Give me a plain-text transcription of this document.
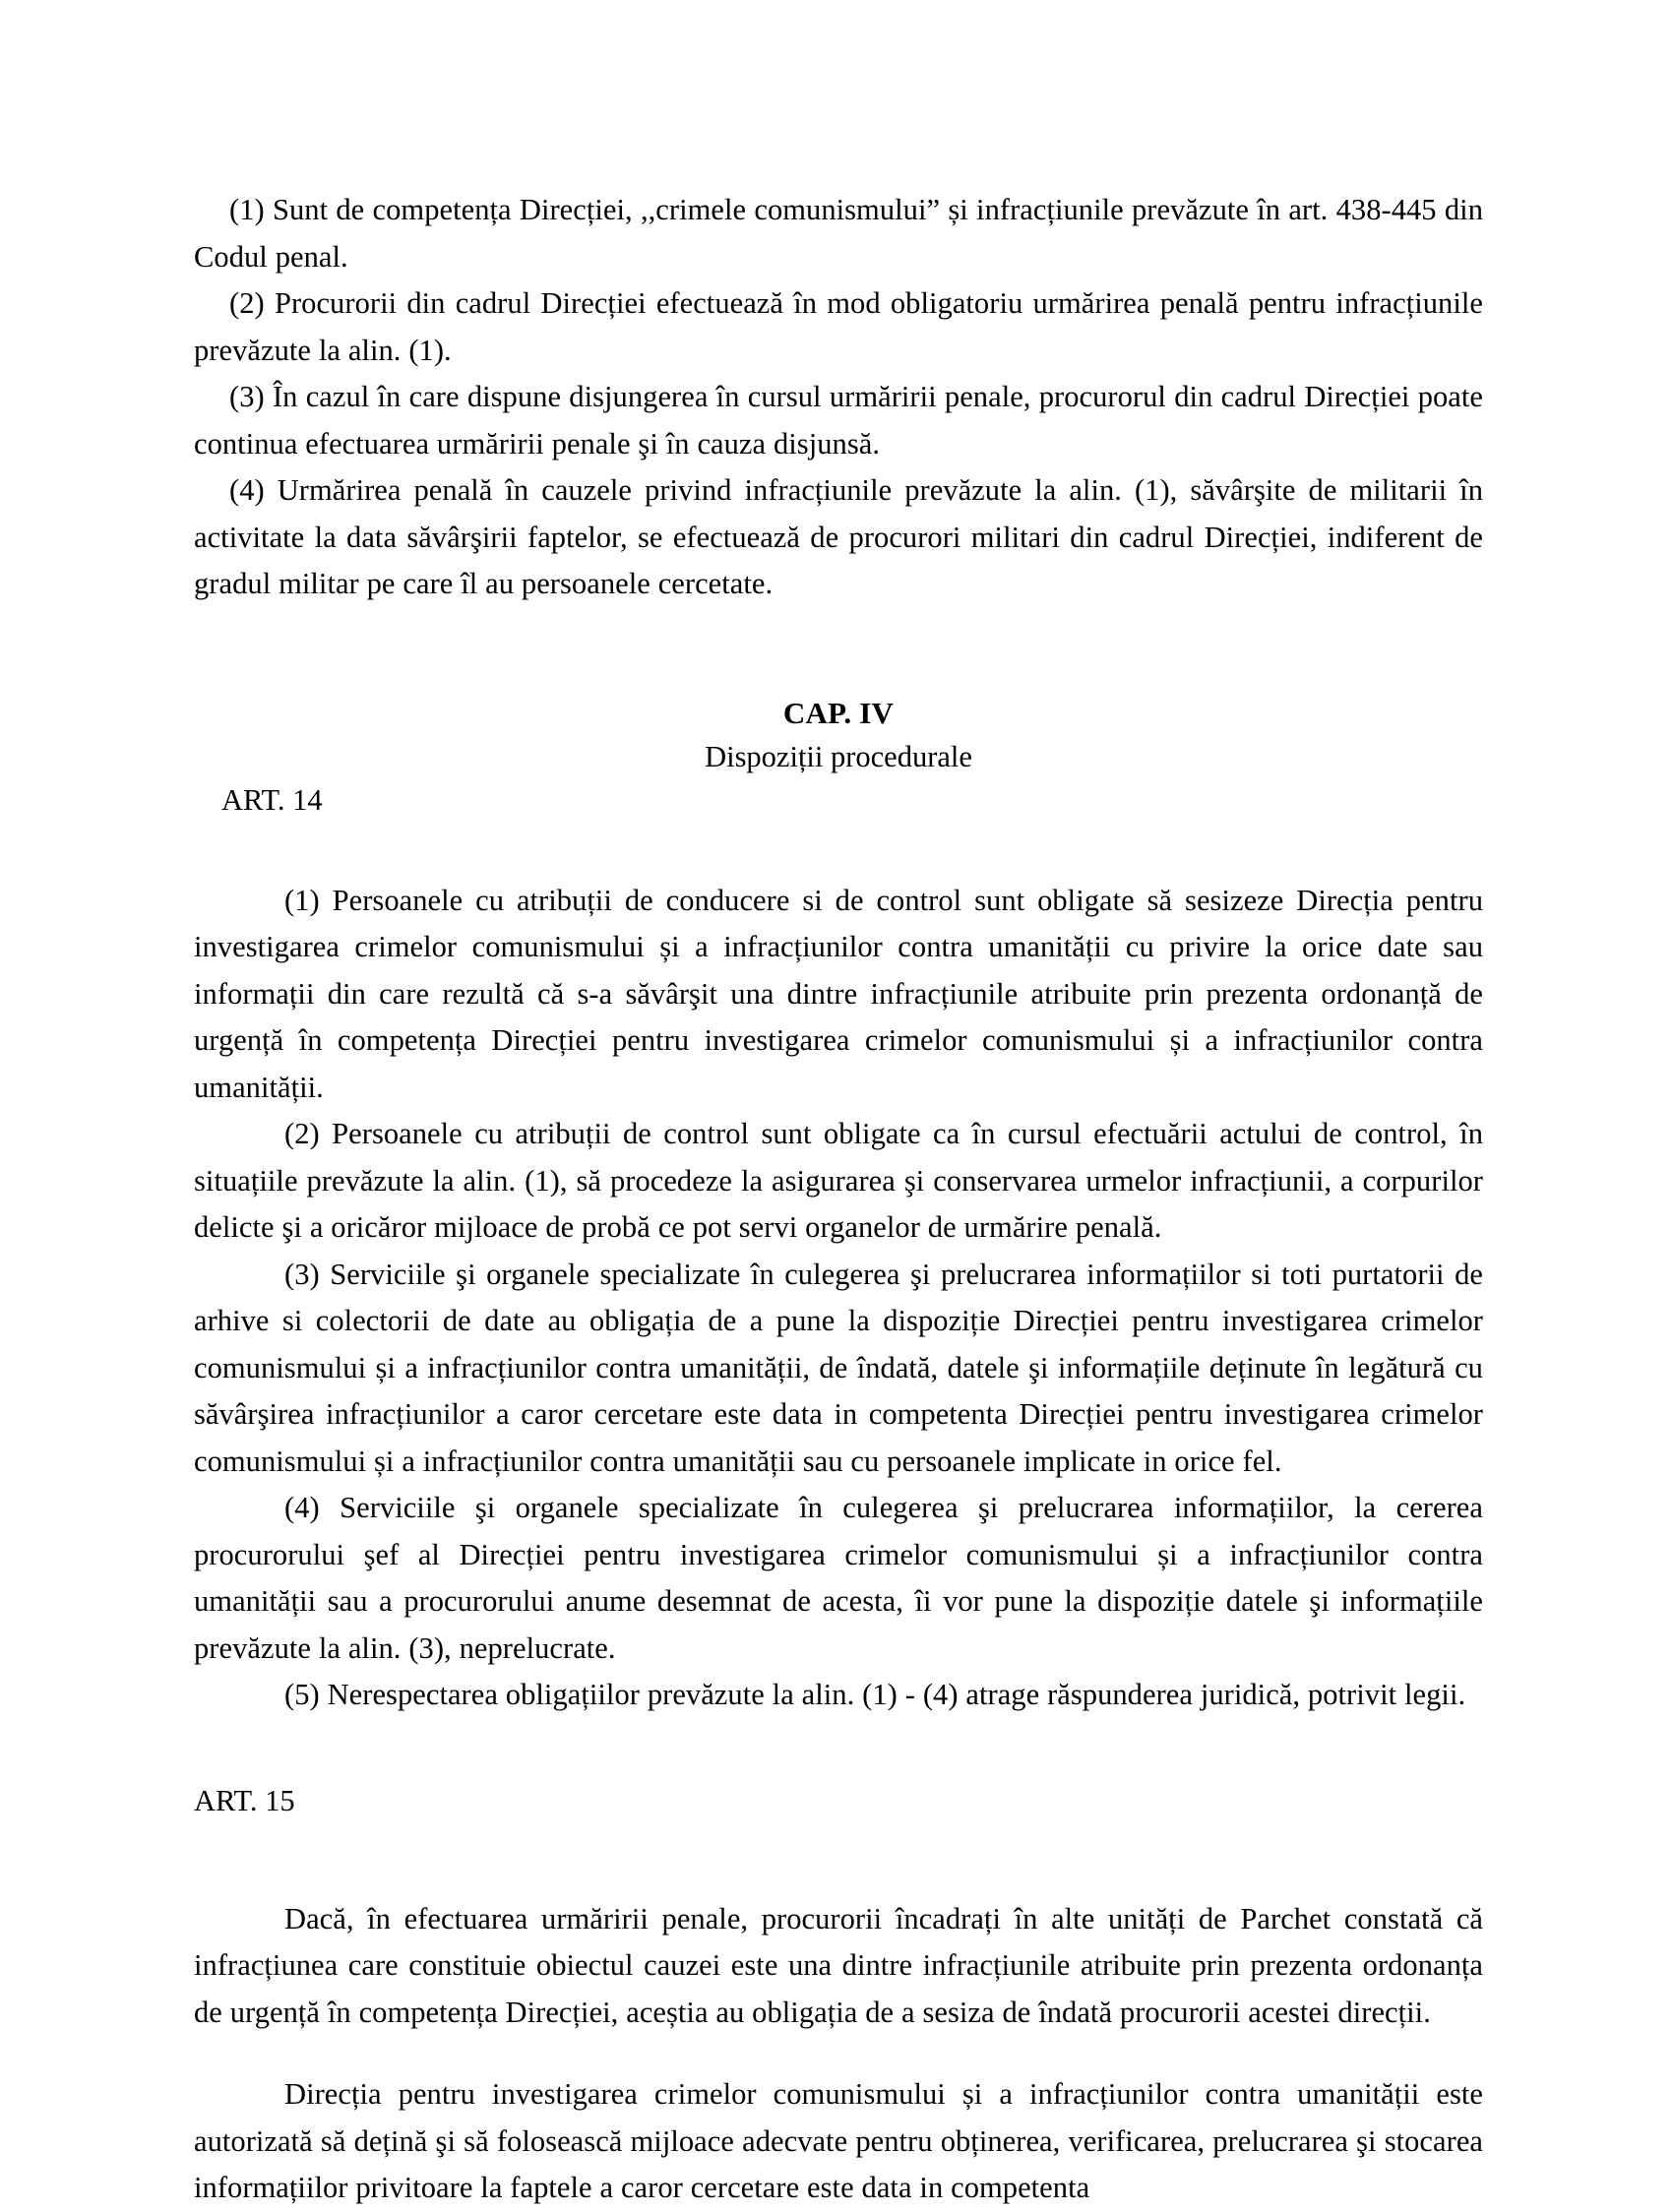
(1) Sunt de competența Direcției, ,,crimele comunismului” și infracțiunile prevăzute în art. 438-445 din Codul penal.

(2) Procurorii din cadrul Direcției efectuează în mod obligatoriu urmărirea penală pentru infracțiunile prevăzute la alin. (1).

(3) În cazul în care dispune disjungerea în cursul urmăririi penale, procurorul din cadrul Direcției poate continua efectuarea urmăririi penale şi în cauza disjunsă.

(4) Urmărirea penală în cauzele privind infracțiunile prevăzute la alin. (1), săvârşite de militarii în activitate la data săvârşirii faptelor, se efectuează de procurori militari din cadrul Direcției, indiferent de gradul militar pe care îl au persoanele cercetate.

CAP. IV
Dispoziții procedurale
ART. 14

(1) Persoanele cu atribuții de conducere si de control sunt obligate să sesizeze Direcția pentru investigarea crimelor comunismului și a infracțiunilor contra umanității cu privire la orice date sau informații din care rezultă că s-a săvârşit una dintre infracțiunile atribuite prin prezenta ordonanță de urgență în competența Direcției pentru investigarea crimelor comunismului și a infracțiunilor contra umanității.

(2) Persoanele cu atribuții de control sunt obligate ca în cursul efectuării actului de control, în situațiile prevăzute la alin. (1), să procedeze la asigurarea şi conservarea urmelor infracțiunii, a corpurilor delicte şi a oricăror mijloace de probă ce pot servi organelor de urmărire penală.

(3) Serviciile şi organele specializate în culegerea şi prelucrarea informațiilor si toti purtatorii de arhive si colectorii de date au obligația de a pune la dispoziție Direcției pentru investigarea crimelor comunismului și a infracțiunilor contra umanității, de îndată, datele şi informațiile deținute în legătură cu săvârşirea infracțiunilor a caror cercetare este data in competenta Direcției pentru investigarea crimelor comunismului și a infracțiunilor contra umanității sau cu persoanele implicate in orice fel.

(4) Serviciile şi organele specializate în culegerea şi prelucrarea informațiilor, la cererea procurorului şef al Direcției pentru investigarea crimelor comunismului și a infracțiunilor contra umanității sau a procurorului anume desemnat de acesta, îi vor pune la dispoziție datele şi informațiile prevăzute la alin. (3), neprelucrate.

(5) Nerespectarea obligațiilor prevăzute la alin. (1) - (4) atrage răspunderea juridică, potrivit legii.

ART. 15

Dacă, în efectuarea urmăririi penale, procurorii încadrați în alte unități de Parchet constată că infracțiunea care constituie obiectul cauzei este una dintre infracțiunile atribuite prin prezenta ordonanța de urgență în competența Direcției, aceștia au obligația de a sesiza de îndată procurorii acestei direcții.

Direcția pentru investigarea crimelor comunismului și a infracțiunilor contra umanității este autorizată să dețină şi să folosească mijloace adecvate pentru obținerea, verificarea, prelucrarea şi stocarea informațiilor privitoare la faptele a caror cercetare este data in competenta
